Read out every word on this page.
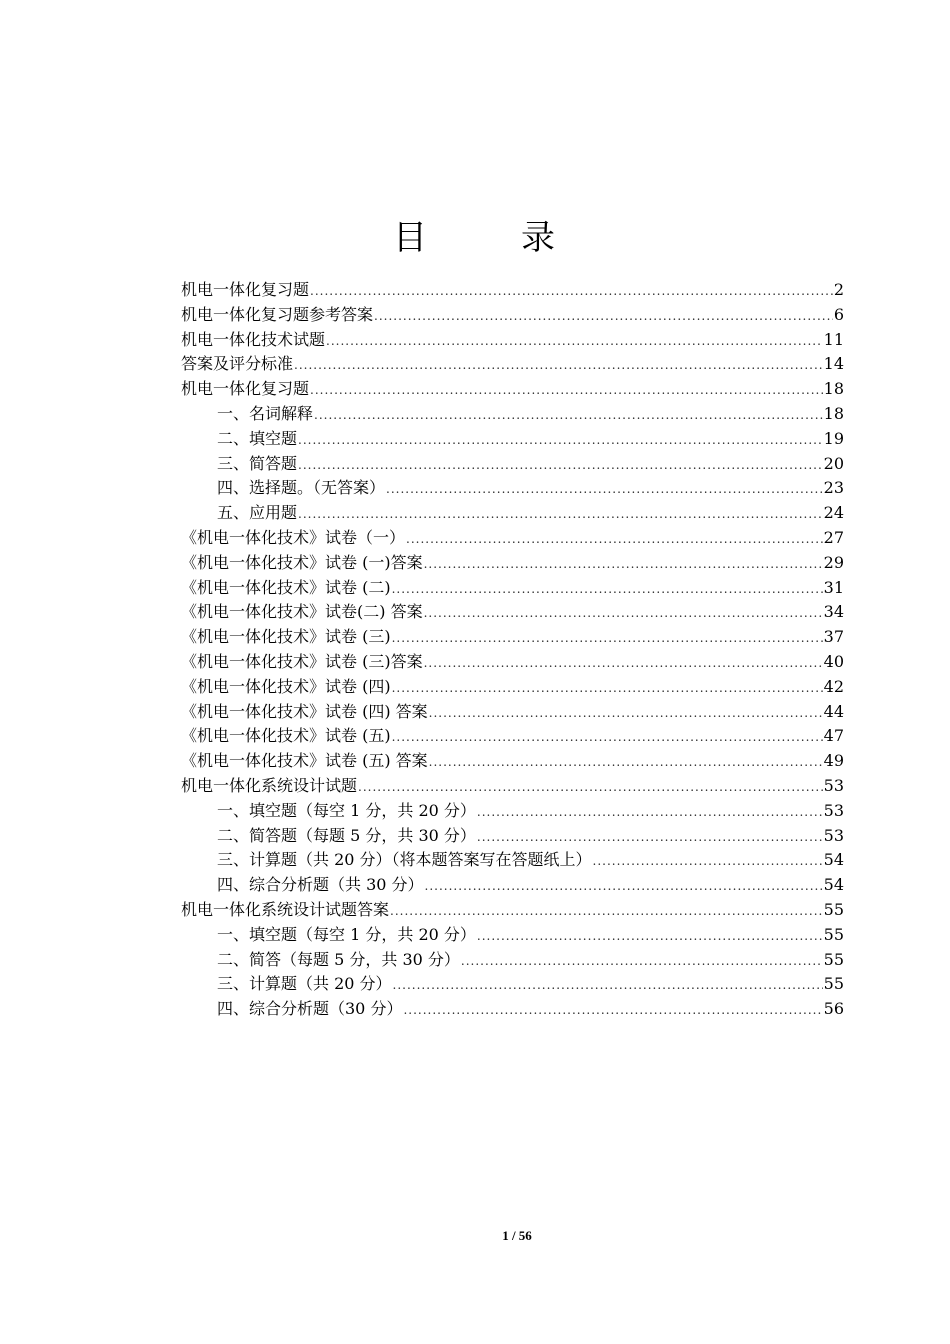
目	录
机电一体化复习题 .....	2
机电一体化复习题参考答案 .....	6
机电一体化技术试题 .....	11
答案及评分标准 .....	14
机电一体化复习题 .....	18
一、名词解释 .....	18
二、填空题 .....	19
三、简答题 .....	20
四、选择题。（无答案） .....	23
五、应用题 .....	24
《机电一体化技术》试卷（一） .....	27
《机电一体化技术》试卷 (一)答案 .....	29
《机电一体化技术》试卷 (二) .....	31
《机电一体化技术》试卷(二) 答案 .....	34
《机电一体化技术》试卷 (三) .....	37
《机电一体化技术》试卷 (三)答案 .....	40
《机电一体化技术》试卷 (四) .....	42
《机电一体化技术》试卷 (四) 答案 .....	44
《机电一体化技术》试卷 (五) .....	47
《机电一体化技术》试卷 (五) 答案 .....	49
机电一体化系统设计试题 .....	53
一、填空题（每空 1 分，共 20 分） .....	53
二、简答题（每题 5 分，共 30 分） .....	53
三、计算题（共 20 分）（将本题答案写在答题纸上） .....	54
四、综合分析题（共 30 分） .....	54
机电一体化系统设计试题答案 .....	55
一、填空题（每空 1 分，共 20 分） .....	55
二、简答（每题 5 分，共 30 分） .....	55
三、计算题（共 20 分） .....	55
四、综合分析题（30 分） .....	56
1 / 56
